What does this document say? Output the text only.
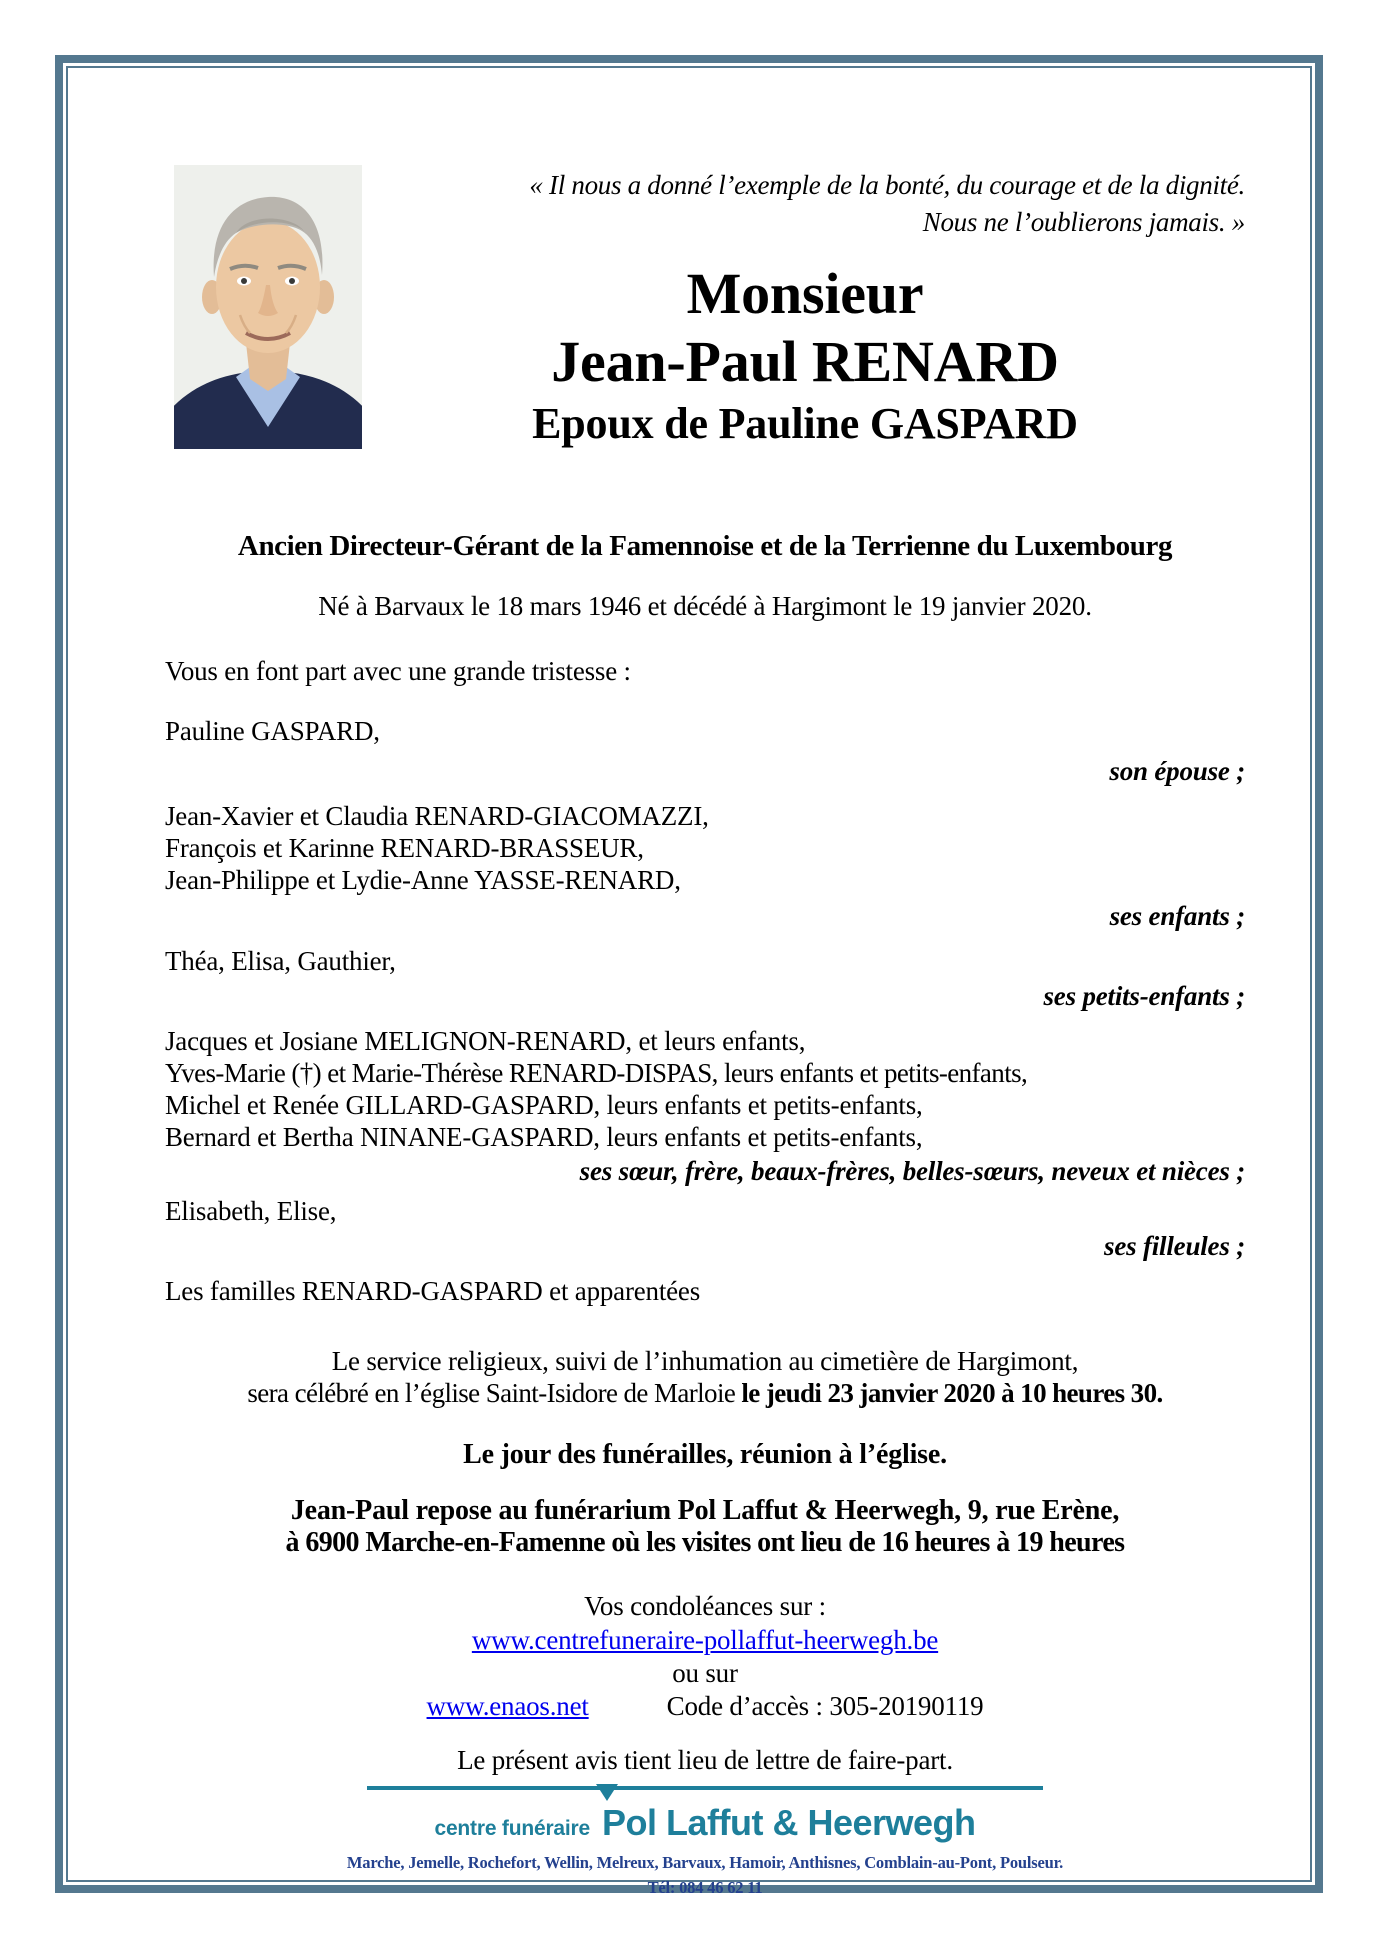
« Il nous a donné l’exemple de la bonté, du courage et de la dignité.
Nous ne l’oublierons jamais. »
Monsieur
Jean-Paul RENARD
Epoux de Pauline GASPARD
Ancien Directeur-Gérant de la Famennoise et de la Terrienne du Luxembourg
Né à Barvaux le 18 mars 1946 et décédé à Hargimont le 19 janvier 2020.
Vous en font part avec une grande tristesse :
Pauline GASPARD,
son épouse ;
Jean-Xavier et Claudia RENARD-GIACOMAZZI,
François et Karinne RENARD-BRASSEUR,
Jean-Philippe et Lydie-Anne YASSE-RENARD,
ses enfants ;
Théa, Elisa, Gauthier,
ses petits-enfants ;
Jacques et Josiane MELIGNON-RENARD, et leurs enfants,
Yves-Marie (†) et Marie-Thérèse RENARD-DISPAS, leurs enfants et petits-enfants,
Michel et Renée GILLARD-GASPARD, leurs enfants et petits-enfants,
Bernard et Bertha NINANE-GASPARD, leurs enfants et petits-enfants,
ses sœur, frère, beaux-frères, belles-sœurs, neveux et nièces ;
Elisabeth, Elise,
ses filleules ;
Les familles RENARD-GASPARD et apparentées
Le service religieux, suivi de l’inhumation au cimetière de Hargimont,
sera célébré en l’église Saint-Isidore de Marloie le jeudi 23 janvier 2020 à 10 heures 30.
Le jour des funérailles, réunion à l’église.
Jean-Paul repose au funérarium Pol Laffut & Heerwegh, 9, rue Erène,
à 6900 Marche-en-Famenne où les visites ont lieu de 16 heures à 19 heures
Vos condoléances sur :
www.centrefuneraire-pollaffut-heerwegh.be
ou sur
www.enaos.net	Code d’accès : 305-20190119
Le présent avis tient lieu de lettre de faire-part.
centre funéraire Pol Laffut & Heerwegh
Marche, Jemelle, Rochefort, Wellin, Melreux, Barvaux, Hamoir, Anthisnes, Comblain-au-Pont, Poulseur.
Tél: 084 46 62 11
